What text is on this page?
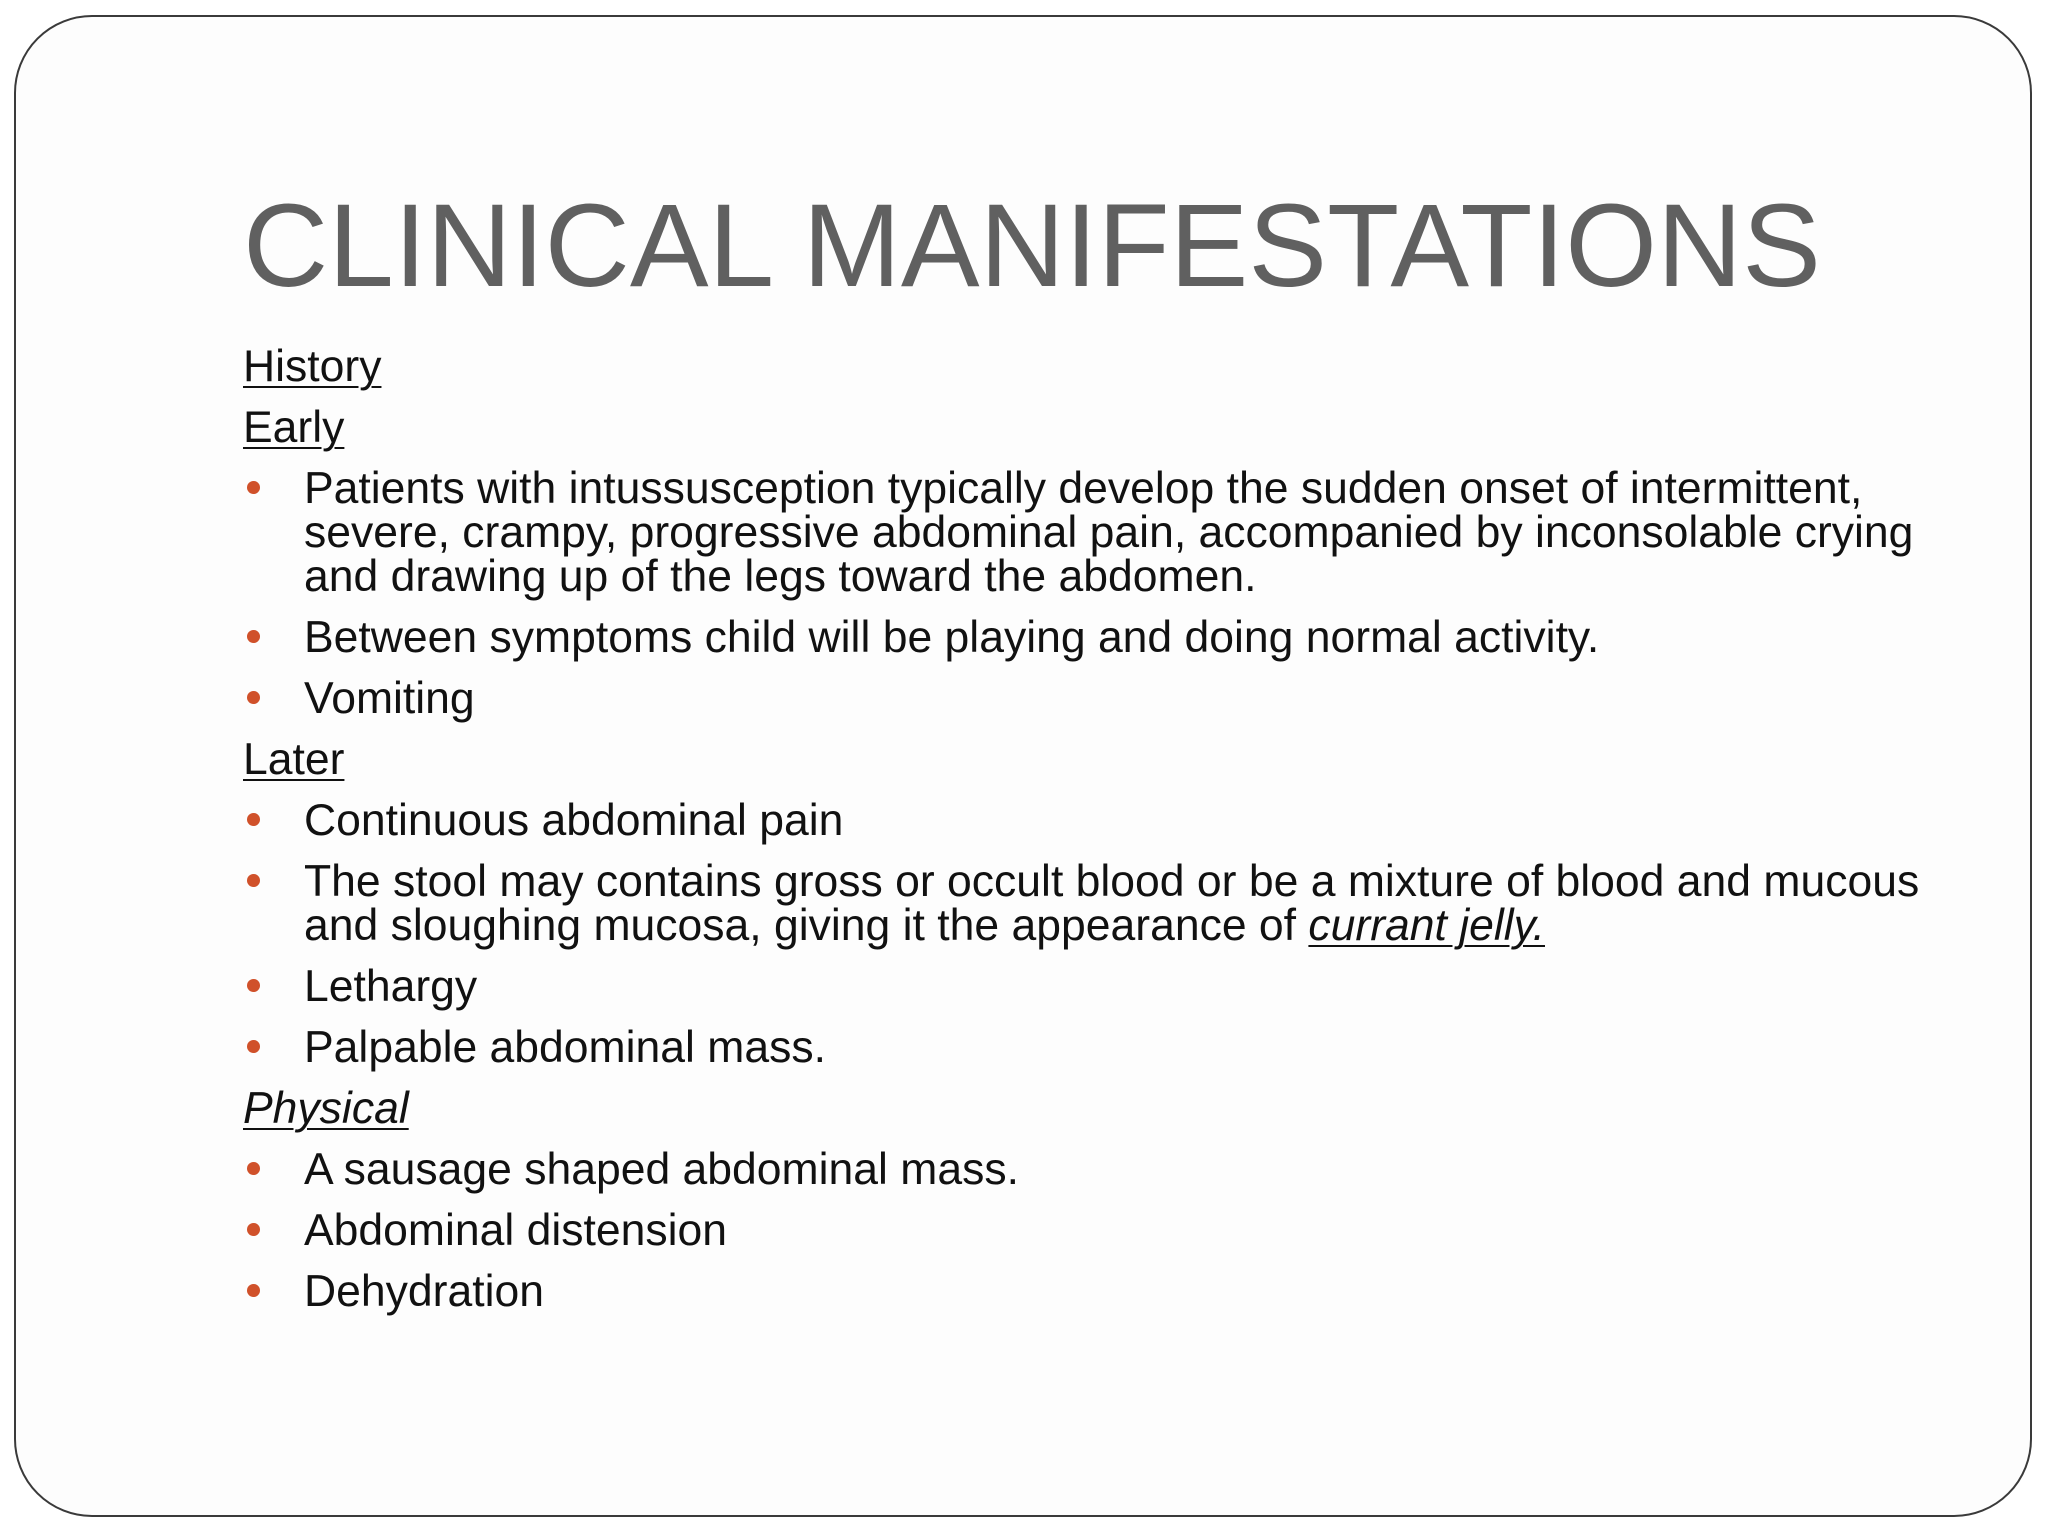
CLINICAL MANIFESTATIONS
History
Early
Patients with intussusception typically develop the sudden onset of intermittent, severe, crampy, progressive abdominal pain, accompanied by inconsolable crying and drawing up of the legs toward the abdomen.
Between symptoms child will be playing and doing normal activity.
Vomiting
Later
Continuous abdominal pain
The stool may contains gross or occult blood or be a mixture of blood and mucous and sloughing mucosa, giving it the appearance of currant jelly.
Lethargy
Palpable abdominal mass.
Physical
A sausage shaped abdominal mass.
Abdominal distension
Dehydration
